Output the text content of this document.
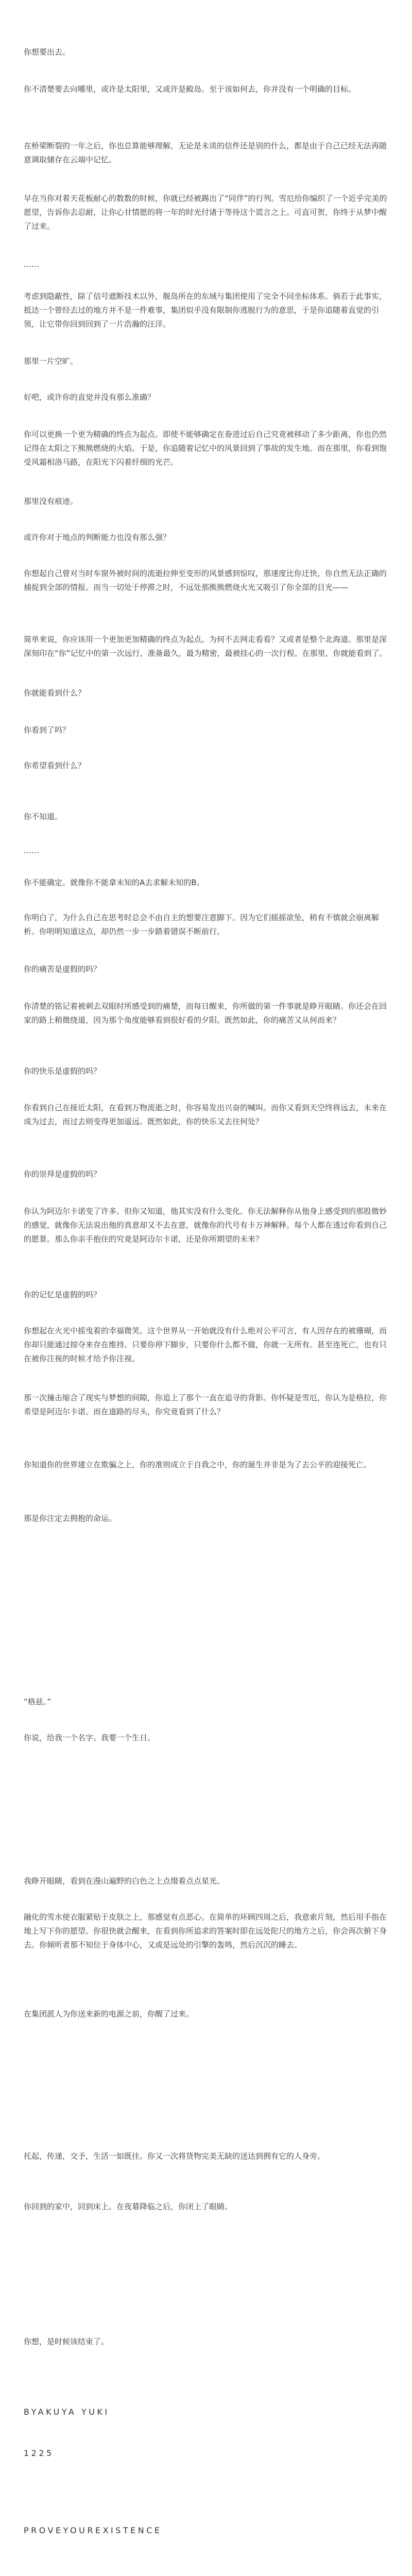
你想要出去。

你不清楚要去向哪里，或许是太阳里，又或许是殿岛。至于该如何去，你并没有一个明确的目标。

在桥梁断裂的一年之后，你也总算能够理解，无论是未谈的信件还是别的什么，都是由于自己已经无法再随意调取储存在云端中记忆。

早在当你对着天花板耐心的数数的时候，你就已经被踢出了“同伴”的行列。雪厄给你编织了一个近乎完美的愿望，告诉你去忍耐，让你心甘情愿的将一年的时光付诸于等待这个谎言之上。可直可贺，你终于从梦中醒了过来。

……

考虑到隐蔽性，除了信号遮断技术以外，舰岛所在的东域与集团使用了完全不同坐标体系。倘若于此事实，抵达一个曾经去过的地方并不是一件难事，集团似乎没有限制你逃脱行为的意思，于是你追随着直觉的引领，让它带你回到回到了一片浩瀚的汪洋。

那里一片空旷。

好吧，或许你的直觉并没有那么准确？

你可以更换一个更为精确的终点为起点。即使不能够确定在眷进过后自己究竟被移动了多少距离，你也仍然记得在太阳之下熊熊燃烧的火焰。于是，你追随着记忆中的风景回到了事故的发生地。而在那里，你看到饱受风霜相洛马路，在阳光下闪着纤细的光芒。

那里没有痕迹。

或许你对于地点的判断能力也没有那么强？

你想起自己曾对当时车窗外被时间的流逝拉伸至变形的风景感到惊叹，那速度比你迁快，你自然无法正确的捕捉到全部的情报。而当一切处于停滞之时，不远处那熊熊燃烧火光又吸引了你全部的目光——

简单来说，你应该用一个更加更加精确的终点为起点。为何不去网走看看？又或者是整个北海道。那里是深深刻印在“你”记忆中的第一次远行，准备最久，最为精密，最被挂心的一次行程。在那里，你就能看到了。

你就能看到什么？

你看到了吗？

你希望看到什么？

你不知道。

……

你不能确定。就像你不能拿未知的A去求解未知的B。

你明白了，为什么自己在思考时总会不由自主的想要注意脚下。因为它们摇摇欲坠，稍有不慎就会崩离解析。你明明知道这点，却仍然一步一步踏着错误不断前行。

你的痛苦是虚假的吗？

你清楚的铭记着被刺去双眼时所感受到的痛楚，而每日醒来，你所做的第一件事就是睁开眼睛。你还会在回家的路上稍微绕道，因为那个角度能够看到很好看的夕阳。既然如此，你的痛苦又从何而来？

你的快乐是虚假的吗？

你看到自己在接近太阳，在看到万物流逝之时，你容易发出兴奋的喊叫。而你又看到天空终将远去，未来在成为过去，而过去则变得更加遥远。既然如此，你的快乐又去往何处？

你的崇拜是虚假的吗？

你认为阿迈尔卡诺变了许多。但你又知道，他其实没有什么变化。你无法解释你从他身上感受到的那股微妙的感觉，就像你无法说出他的真意却又不去在意，就像你的代号有卡万神解释。每个人都在透过你看到自己的愿景。那么你亲手抱住的究竟是阿迈尔卡诺，还是你所期望的未来？

你的记忆是虚假的吗？

你想起在火光中摇曳着的幸福微笑。这个世界从一开始就没有什么绝对公平可言，有人因存在的被珊瑚，而你却只能通过掠夺来存在维持。只要你停下脚步，只要你什么都不做，你就一无所有。甚至连死亡，也有只在被你注视的时候才给予你注视。

那一次撞击缩合了现实与梦想的间隙，你追上了那个一直在追寻的背影。你怀疑是雪厄，你认为是格拉，你希望是阿迈尔卡诺。而在道路的尽头，你究竟看到了什么？

你知道你的世界建立在欺骗之上，你的准则成立于自我之中，你的诞生并非是为了去公平的迎接死亡。

那是你注定去拥抱的命运。

“格兹。”

你说，给我一个名字。我要一个生日。

我睁开眼睛，看到在漫山遍野的白色之上点缀着点点星光。

融化的雪水使衣服紧贴于皮肤之上，那感觉有点恶心。在简单的环顾四周之后，我意索片刻，然后用手指在地上写下你的愿望。你很快就会醒来，在看到你所追求的答案时即在远处陀尺的地方之后，你会再次俯下身去。你倾听者那不知位于身体中心，又或是远处的引擎的轰鸣，然后沉沉的睡去。

在集团派人为你送来新的电源之前，你醒了过来。

托起，传递，交予，生活一如既往。你又一次将货物完美无缺的送达到拥有它的人身旁。

你回到的家中，回到床上。在夜幕降临之后，你闭上了眼睛。

你想，是时候该结束了。

BYAKUYA YUKI

1225

PROVEYOUREXISTENCE
